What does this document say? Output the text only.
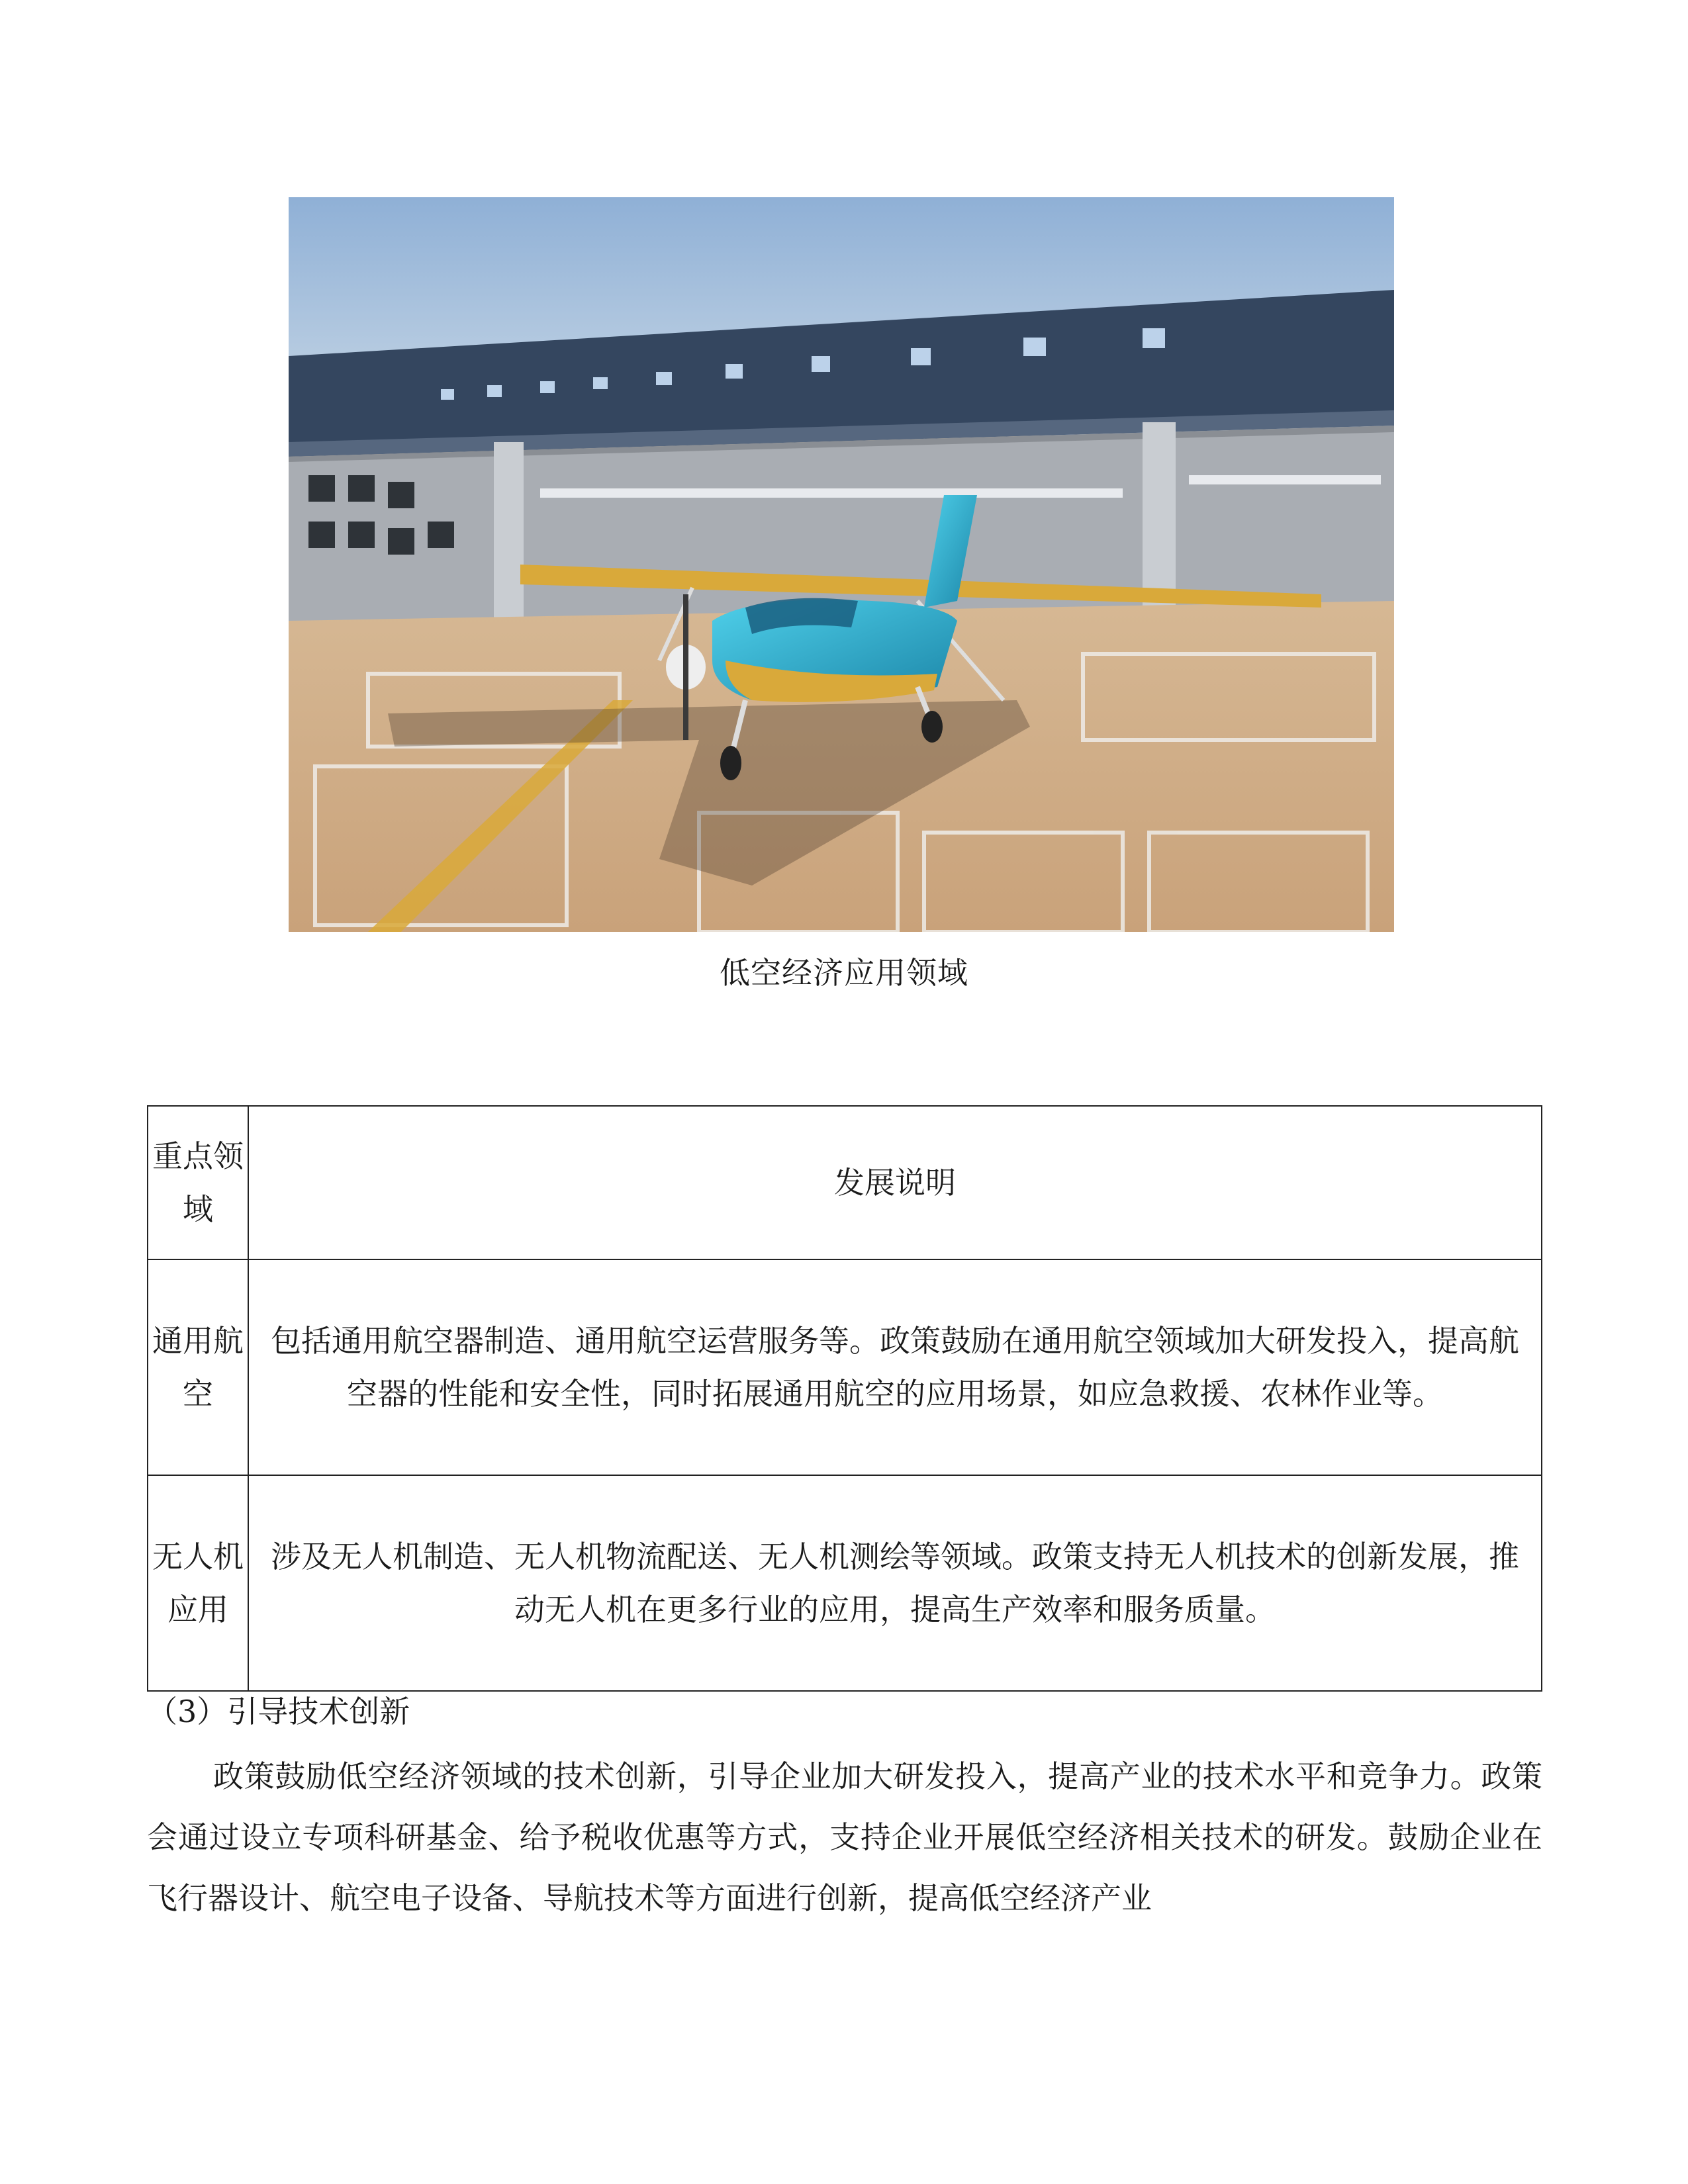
低空经济应用领域
重点领域	发展说明
通用航空	包括通用航空器制造、通用航空运营服务等。政策鼓励在通用航空领域加大研发投入，提高航空器的性能和安全性，同时拓展通用航空的应用场景，如应急救援、农林作业等。
无人机应用	涉及无人机制造、无人机物流配送、无人机测绘等领域。政策支持无人机技术的创新发展，推动无人机在更多行业的应用，提高生产效率和服务质量。
（3）引导技术创新
政策鼓励低空经济领域的技术创新，引导企业加大研发投入，提高产业的技术水平和竞争力。政策会通过设立专项科研基金、给予税收优惠等方式，支持企业开展低空经济相关技术的研发。鼓励企业在飞行器设计、航空电子设备、导航技术等方面进行创新，提高低空经济产业
